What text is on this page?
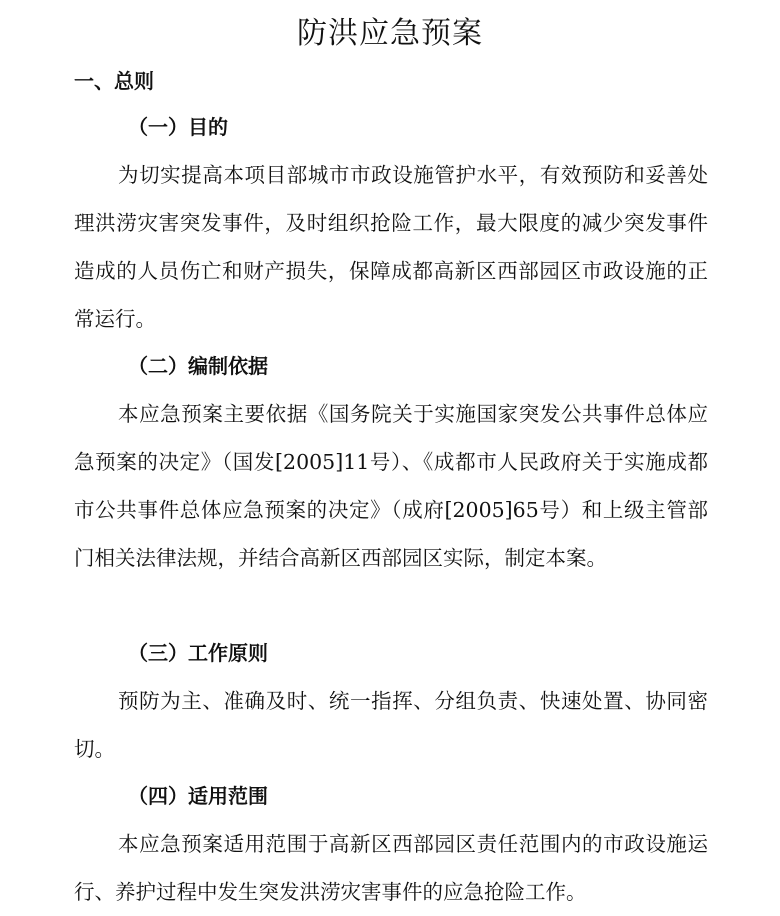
防洪应急预案
一、总则
（一）目的

为切实提高本项目部城市市政设施管护水平，有效预防和妥善处理洪涝灾害突发事件，及时组织抢险工作，最大限度的减少突发事件造成的人员伤亡和财产损失，保障成都高新区西部园区市政设施的正常运行。

（二）编制依据

本应急预案主要依据《国务院关于实施国家突发公共事件总体应急预案的决定》（国发[2005]11号）、《成都市人民政府关于实施成都市公共事件总体应急预案的决定》（成府[2005]65号）和上级主管部门相关法律法规，并结合高新区西部园区实际，制定本案。

（三）工作原则

预防为主、准确及时、统一指挥、分组负责、快速处置、协同密切。

（四）适用范围

本应急预案适用范围于高新区西部园区责任范围内的市政设施运行、养护过程中发生突发洪涝灾害事件的应急抢险工作。
